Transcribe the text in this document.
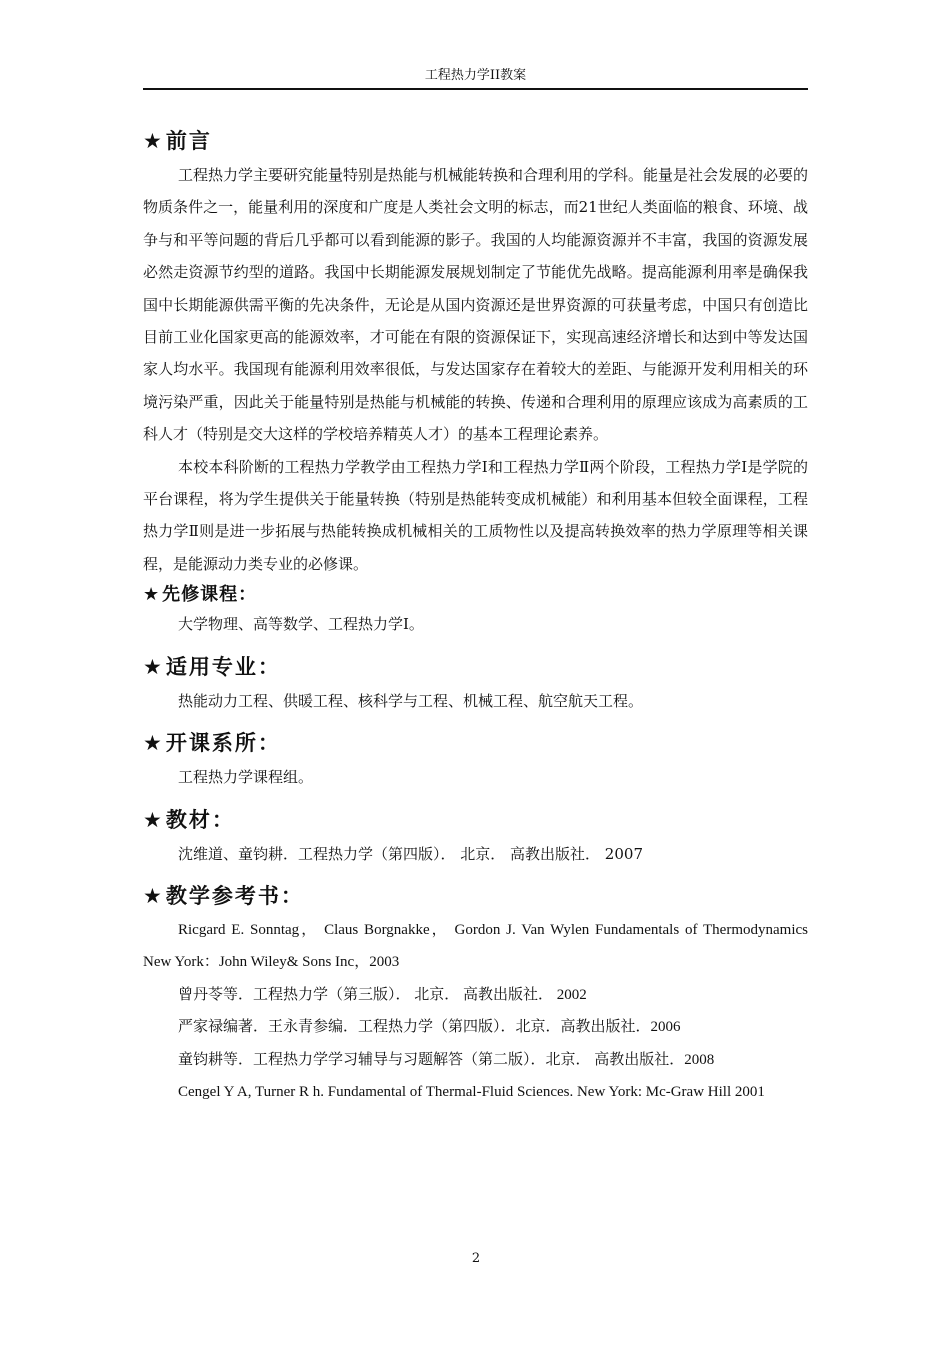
工程热力学II教案
★ 前言

工程热力学主要研究能量特别是热能与机械能转换和合理利用的学科。能量是社会发展的必要的物质条件之一，能量利用的深度和广度是人类社会文明的标志，而21世纪人类面临的粮食、环境、战争与和平等问题的背后几乎都可以看到能源的影子。我国的人均能源资源并不丰富，我国的资源发展必然走资源节约型的道路。我国中长期能源发展规划制定了节能优先战略。提高能源利用率是确保我国中长期能源供需平衡的先决条件，无论是从国内资源还是世界资源的可获量考虑，中国只有创造比目前工业化国家更高的能源效率，才可能在有限的资源保证下，实现高速经济增长和达到中等发达国家人均水平。我国现有能源利用效率很低，与发达国家存在着较大的差距、与能源开发利用相关的环境污染严重，因此关于能量特别是热能与机械能的转换、传递和合理利用的原理应该成为高素质的工科人才（特别是交大这样的学校培养精英人才）的基本工程理论素养。

本校本科阶断的工程热力学教学由工程热力学Ⅰ和工程热力学Ⅱ两个阶段，工程热力学Ⅰ是学院的平台课程，将为学生提供关于能量转换（特别是热能转变成机械能）和利用基本但较全面课程，工程热力学Ⅱ则是进一步拓展与热能转换成机械相关的工质物性以及提高转换效率的热力学原理等相关课程，是能源动力类专业的必修课。

★ 先修课程：
大学物理、高等数学、工程热力学Ⅰ。
★ 适用专业：
热能动力工程、供暖工程、核科学与工程、机械工程、航空航天工程。
★ 开课系所：
工程热力学课程组。
★ 教材：
沈维道、童钧耕．工程热力学（第四版）． 北京． 高教出版社． 2007
★ 教学参考书：

Ricgard E. Sonntag， Claus Borgnakke， Gordon J. Van Wylen Fundamentals of Thermodynamics New York：John Wiley& Sons Inc，2003

曾丹苓等．工程热力学（第三版）． 北京． 高教出版社． 2002

严家禄编著．王永青参编．工程热力学（第四版）．北京．高教出版社．2006

童钧耕等．工程热力学学习辅导与习题解答（第二版）．北京． 高教出版社．2008

Cengel Y A, Turner R h. Fundamental of Thermal-Fluid Sciences. New York: Mc-Graw Hill 2001

2
